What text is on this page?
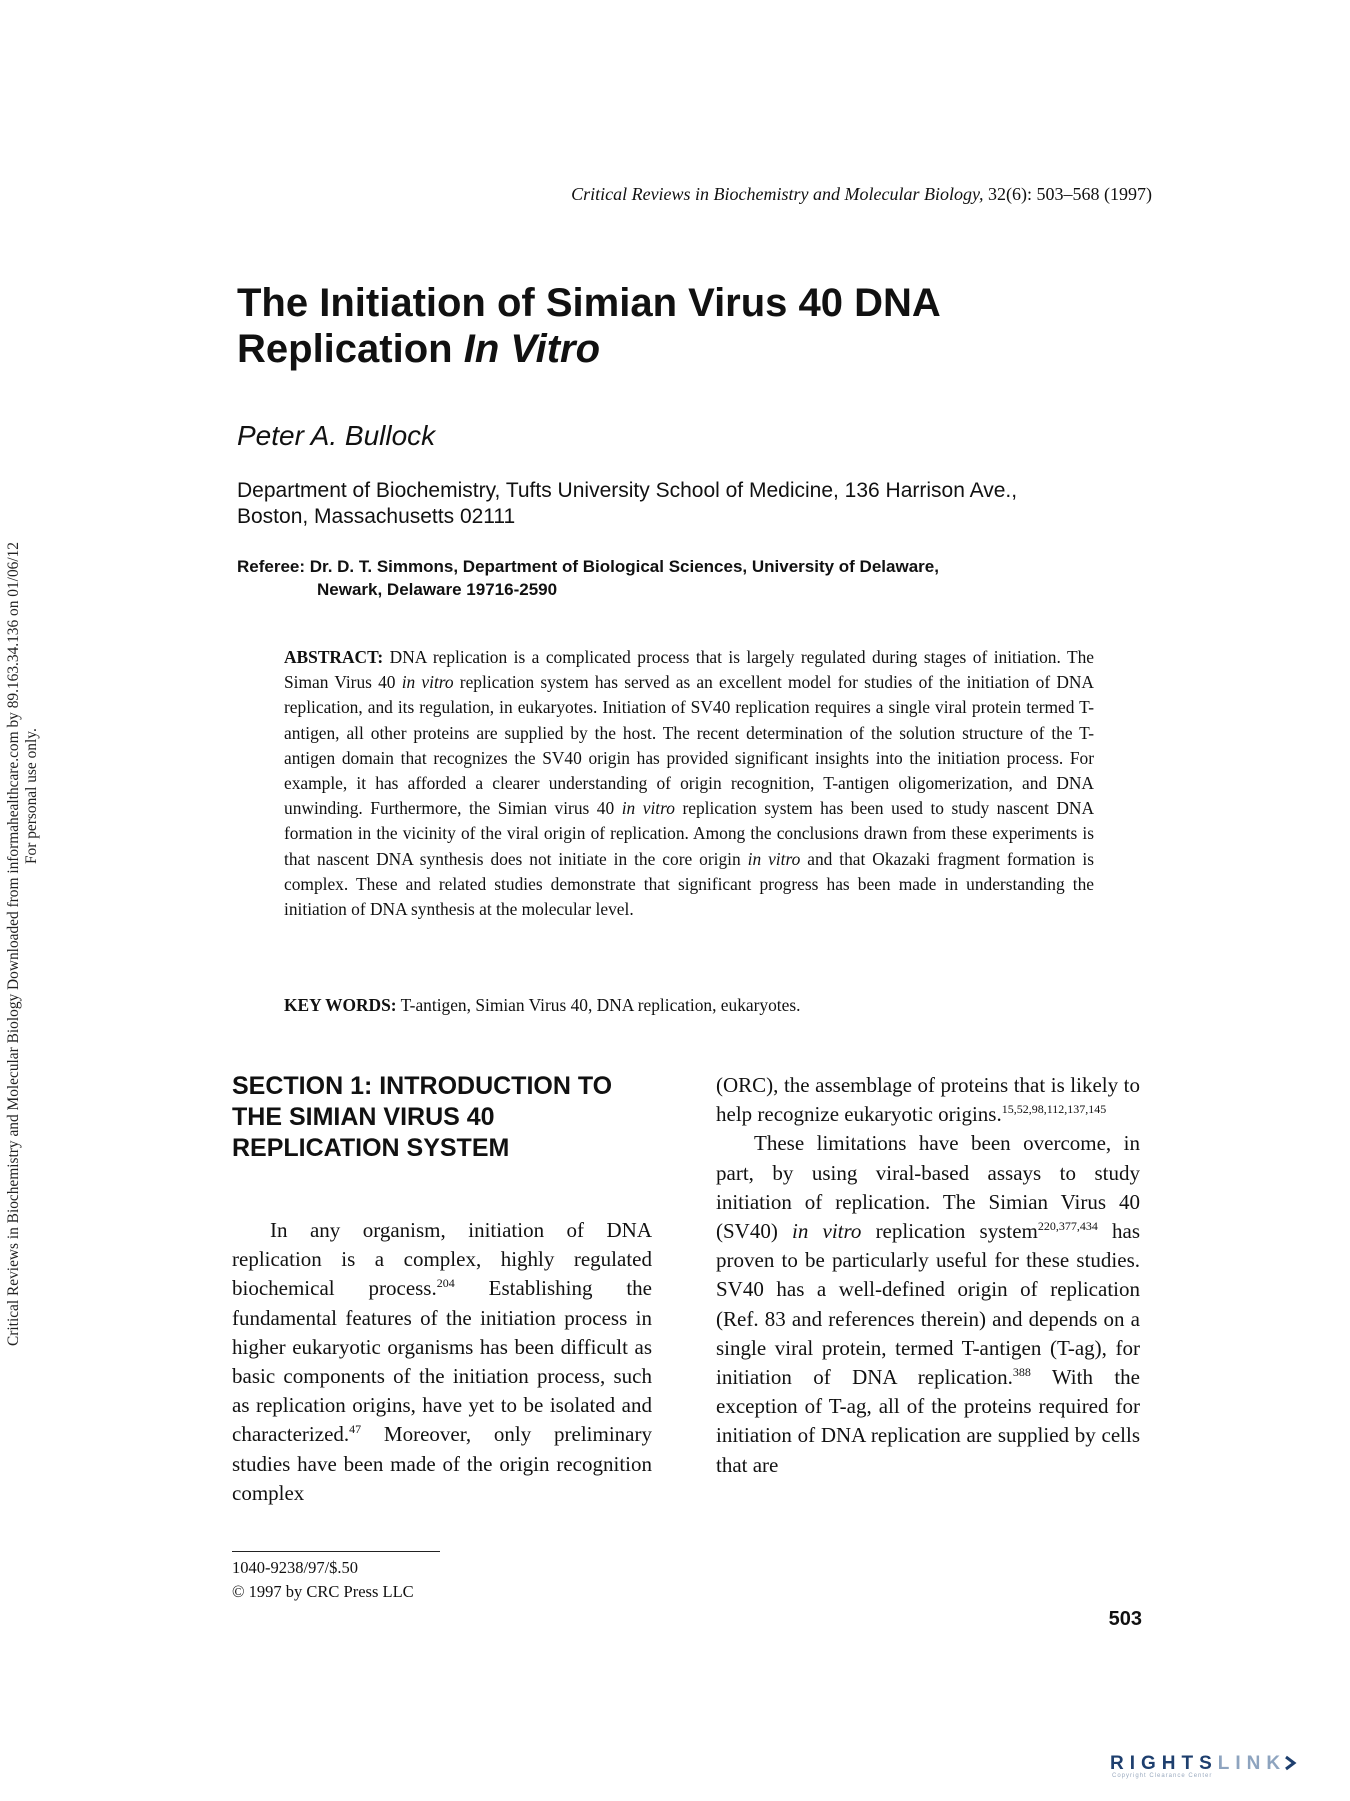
Critical Reviews in Biochemistry and Molecular Biology Downloaded from informahealthcare.com by 89.163.34.136 on 01/06/12 For personal use only.
Critical Reviews in Biochemistry and Molecular Biology, 32(6): 503–568 (1997)
The Initiation of Simian Virus 40 DNA
Replication In Vitro
Peter A. Bullock
Department of Biochemistry, Tufts University School of Medicine, 136 Harrison Ave.,
Boston, Massachusetts 02111
Referee: Dr. D. T. Simmons, Department of Biological Sciences, University of Delaware,
Newark, Delaware 19716-2590

ABSTRACT: DNA replication is a complicated process that is largely regulated during stages of initiation. The Siman Virus 40 in vitro replication system has served as an excellent model for studies of the initiation of DNA replication, and its regulation, in eukaryotes. Initiation of SV40 replication requires a single viral protein termed T-antigen, all other proteins are supplied by the host. The recent determination of the solution structure of the T-antigen domain that recognizes the SV40 origin has provided significant insights into the initiation process. For example, it has afforded a clearer understanding of origin recognition, T-antigen oligomerization, and DNA unwinding. Furthermore, the Simian virus 40 in vitro replication system has been used to study nascent DNA formation in the vicinity of the viral origin of replication. Among the conclusions drawn from these experiments is that nascent DNA synthesis does not initiate in the core origin in vitro and that Okazaki fragment formation is complex. These and related studies demonstrate that significant progress has been made in understanding the initiation of DNA synthesis at the molecular level.

KEY WORDS: T-antigen, Simian Virus 40, DNA replication, eukaryotes.

SECTION 1: INTRODUCTION TO
THE SIMIAN VIRUS 40
REPLICATION SYSTEM

In any organism, initiation of DNA replication is a complex, highly regulated biochemical process.$^{204}$ Establishing the fundamental features of the initiation process in higher eukaryotic organisms has been difficult as basic components of the initiation process, such as replication origins, have yet to be isolated and characterized.$^{47}$ Moreover, only preliminary studies have been made of the origin recognition complex

(ORC), the assemblage of proteins that is likely to help recognize eukaryotic origins.$^{15,52,98,112,137,145}$

These limitations have been overcome, in part, by using viral-based assays to study initiation of replication. The Simian Virus 40 (SV40) in vitro replication system$^{220,377,434}$ has proven to be particularly useful for these studies. SV40 has a well-defined origin of replication (Ref. 83 and references therein) and depends on a single viral protein, termed T-antigen (T-ag), for initiation of DNA replication.$^{388}$ With the exception of T-ag, all of the proteins required for initiation of DNA replication are supplied by cells that are

1040-9238/97/$.50
© 1997 by CRC Press LLC
503
RIGHTSLINK
Copyright Clearance Center
